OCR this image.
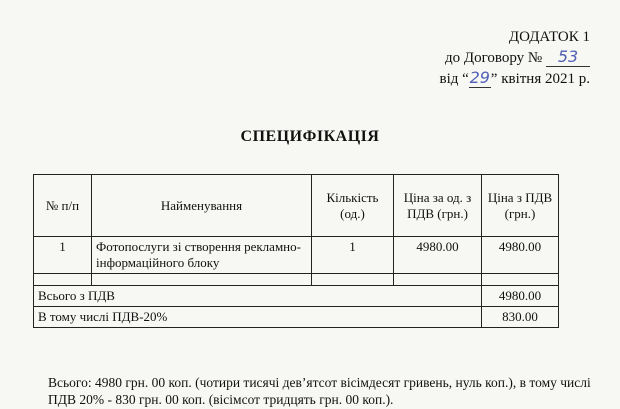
ДОДАТОК 1
до Договору № 53
від “29” квітня 2021 р.
СПЕЦИФІКАЦІЯ
№ п/п	Найменування	Кількість (од.)	Ціна за од. з ПДВ (грн.)	Ціна з ПДВ (грн.)
1	Фотопослуги зі створення рекламно-інформаційного блоку	1	4980.00	4980.00

Всього з ПДВ				4980.00
В тому числі ПДВ-20%				830.00
Всього: 4980 грн. 00 коп. (чотири тисячі дев’ятсот вісімдесят гривень, нуль коп.), в тому числі ПДВ 20% - 830 грн. 00 коп. (вісімсот тридцять грн. 00 коп.).
